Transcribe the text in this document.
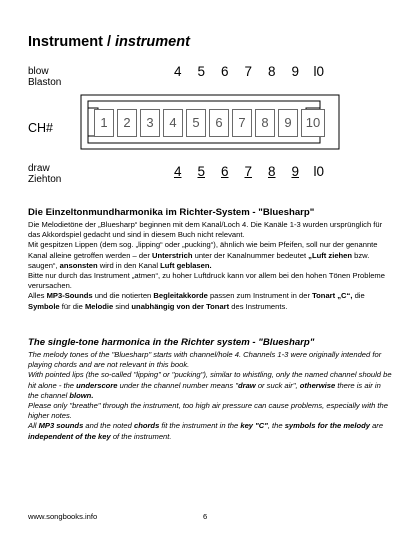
Instrument / instrument
blow
Blaston
4	5	6	7	8	9	l0
CH#	1	2	3	4	5	6	7	8	9	10
draw
Ziehton
4	5	6	7	8	9	l0
Die Einzeltonmundharmonika im Richter-System - "Bluesharp"

Die Melodietöne der „Bluesharp“ beginnen mit dem Kanal/Loch 4. Die Kanäle 1-3 wurden ursprünglich für das Akkordspiel gedacht und sind in diesem Buch nicht relevant.

Mit gespitzen Lippen (dem sog. „lipping“ oder „pucking“), ähnlich wie beim Pfeifen, soll nur der genannte Kanal alleine getroffen werden – der Unterstrich unter der Kanalnummer bedeutet „Luft ziehen bzw. saugen“, ansonsten wird in den Kanal Luft geblasen.

Bitte nur durch das Instrument „atmen“, zu hoher Luftdruck kann vor allem bei den hohen Tönen Probleme verursachen.

Alles MP3-Sounds und die notierten Begleitakkorde passen zum Instrument in der Tonart „C“, die Symbole für die Melodie sind unabhängig von der Tonart des Instruments.

The single-tone harmonica in the Richter system - "Bluesharp"

The melody tones of the "Bluesharp" starts with channel/hole 4. Channels 1-3 were originally intended for playing chords and are not relevant in this book.

With pointed lips (the so-called "lipping" or "pucking"), similar to whistling, only the named channel should be hit alone - the underscore under the channel number means "draw or suck air", otherwise there is air in the channel blown.

Please only "breathe" through the instrument, too high air pressure can cause problems, especially with the higher notes.

All MP3 sounds and the noted chords fit the instrument in the key "C", the symbols for the melody are independent of the key of the instrument.

www.songbooks.info	6
